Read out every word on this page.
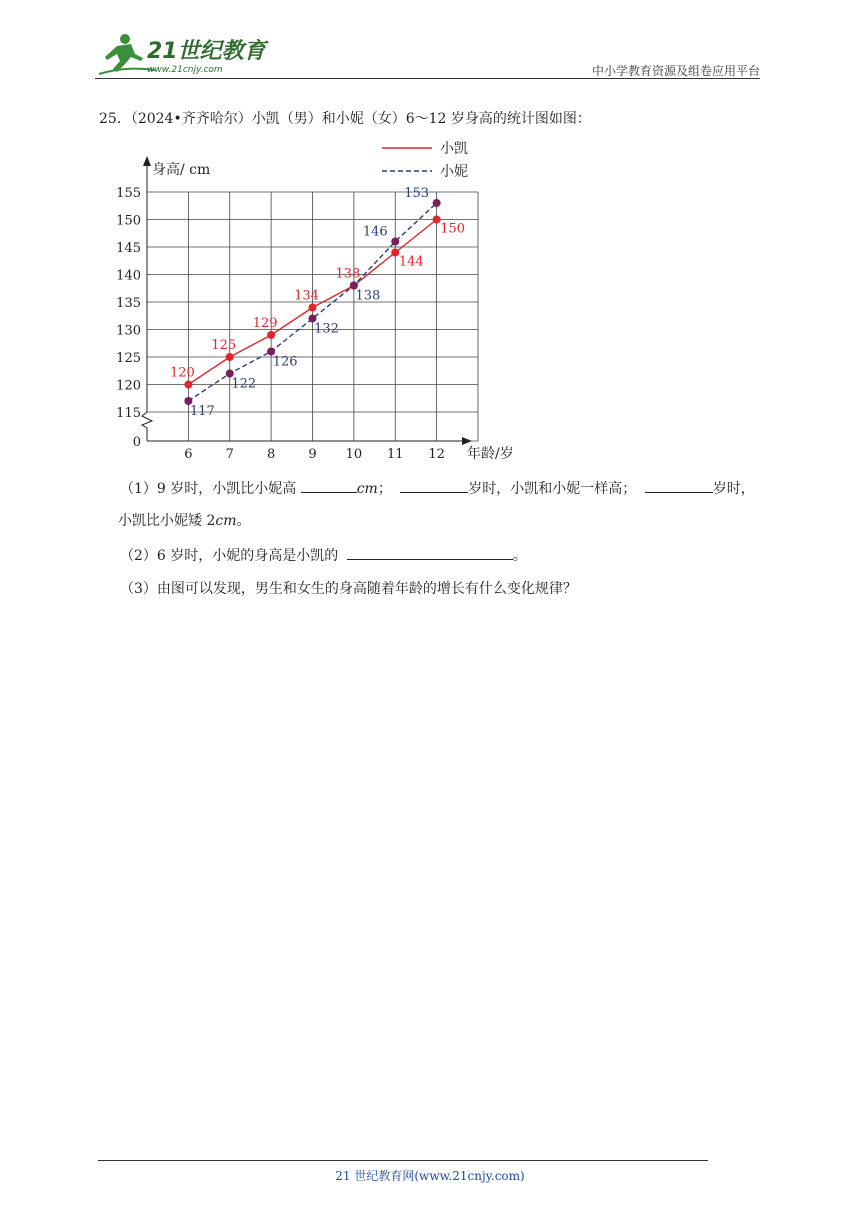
21世纪教育
www.21cnjy.com	中小学教育资源及组卷应用平台
25．（2024•齐齐哈尔）小凯（男）和小妮（女）6～12 岁身高的统计图如图：
0
115
120
125
130
135
140
145
150
155
6	7	8	9 10 11 12
120
125
129
134
138
144
150
117
122
126
132
138
146
153
小凯
小妮
身高/ cm
年龄/岁
（1）9 岁时，小凯比小妮高	cm；	岁时，小凯和小妮一样高；	岁时，
小凯比小妮矮 2cm。
（2）6 岁时，小妮的身高是小凯的	。
（3）由图可以发现，男生和女生的身高随着年龄的增长有什么变化规律？
21 世纪教育网(www.21cnjy.com)
